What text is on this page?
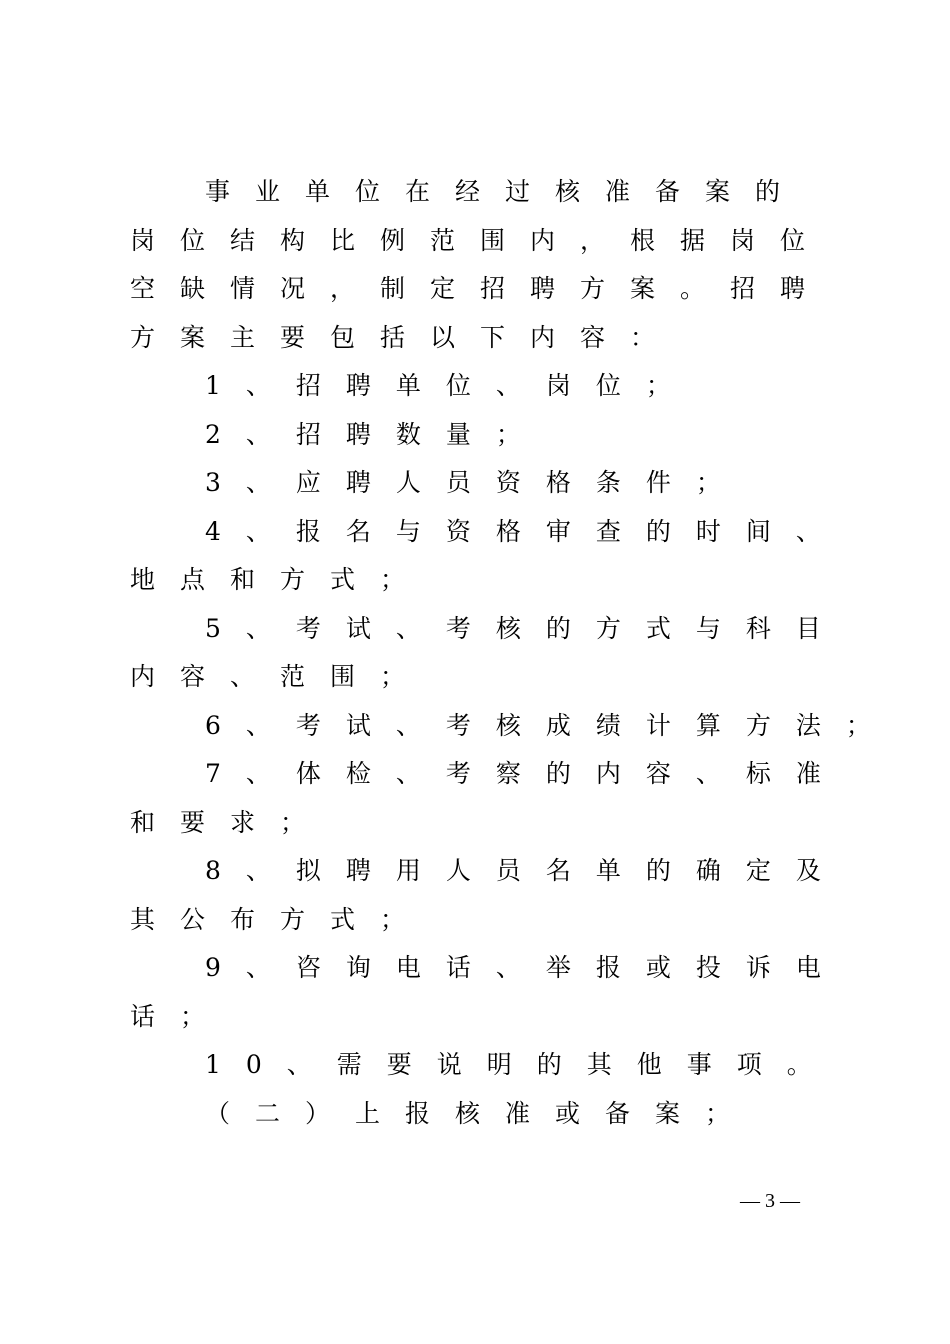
事业单位在经过核准备案的
岗位结构比例范围内，根据岗位
空缺情况，制定招聘方案。招聘
方案主要包括以下内容：
1、招聘单位、岗位；
2、招聘数量；
3、应聘人员资格条件；
4、报名与资格审查的时间、
地点和方式；
5、考试、考核的方式与科目
内容、范围；
6、考试、考核成绩计算方法；
7、体检、考察的内容、标准
和要求；
8、拟聘用人员名单的确定及
其公布方式；
9、咨询电话、举报或投诉电
话；
10、需要说明的其他事项。
（二）上报核准或备案；
— 3 —
